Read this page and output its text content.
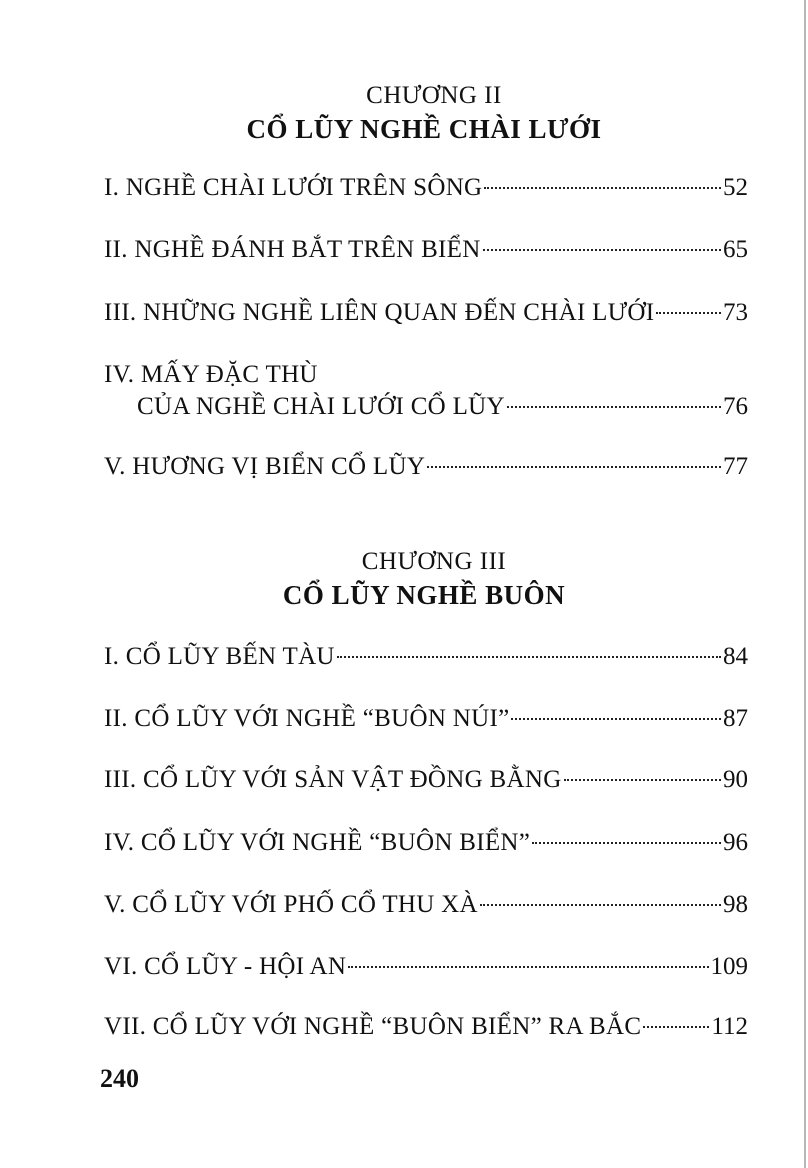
CHƯƠNG II
CỔ LŨY NGHỀ CHÀI LƯỚI
I. NGHỀ CHÀI LƯỚI TRÊN SÔNG	52
II. NGHỀ ĐÁNH BẮT TRÊN BIỂN	65
III. NHỮNG NGHỀ LIÊN QUAN ĐẾN CHÀI LƯỚI	73
IV. MẤY ĐẶC THÙ
CỦA NGHỀ CHÀI LƯỚI CỔ LŨY	76
V. HƯƠNG VỊ BIỂN CỔ LŨY	77
CHƯƠNG III
CỔ LŨY NGHỀ BUÔN
I. CỔ LŨY BẾN TÀU	84
II. CỔ LŨY VỚI NGHỀ “BUÔN NÚI”	87
III. CỔ LŨY VỚI SẢN VẬT ĐỒNG BẰNG	90
IV. CỔ LŨY VỚI NGHỀ “BUÔN BIỂN”	96
V. CỔ LŨY VỚI PHỐ CỔ THU XÀ	98
VI. CỔ LŨY - HỘI AN	109
VII. CỔ LŨY VỚI NGHỀ “BUÔN BIỂN” RA BẮC	112
240
